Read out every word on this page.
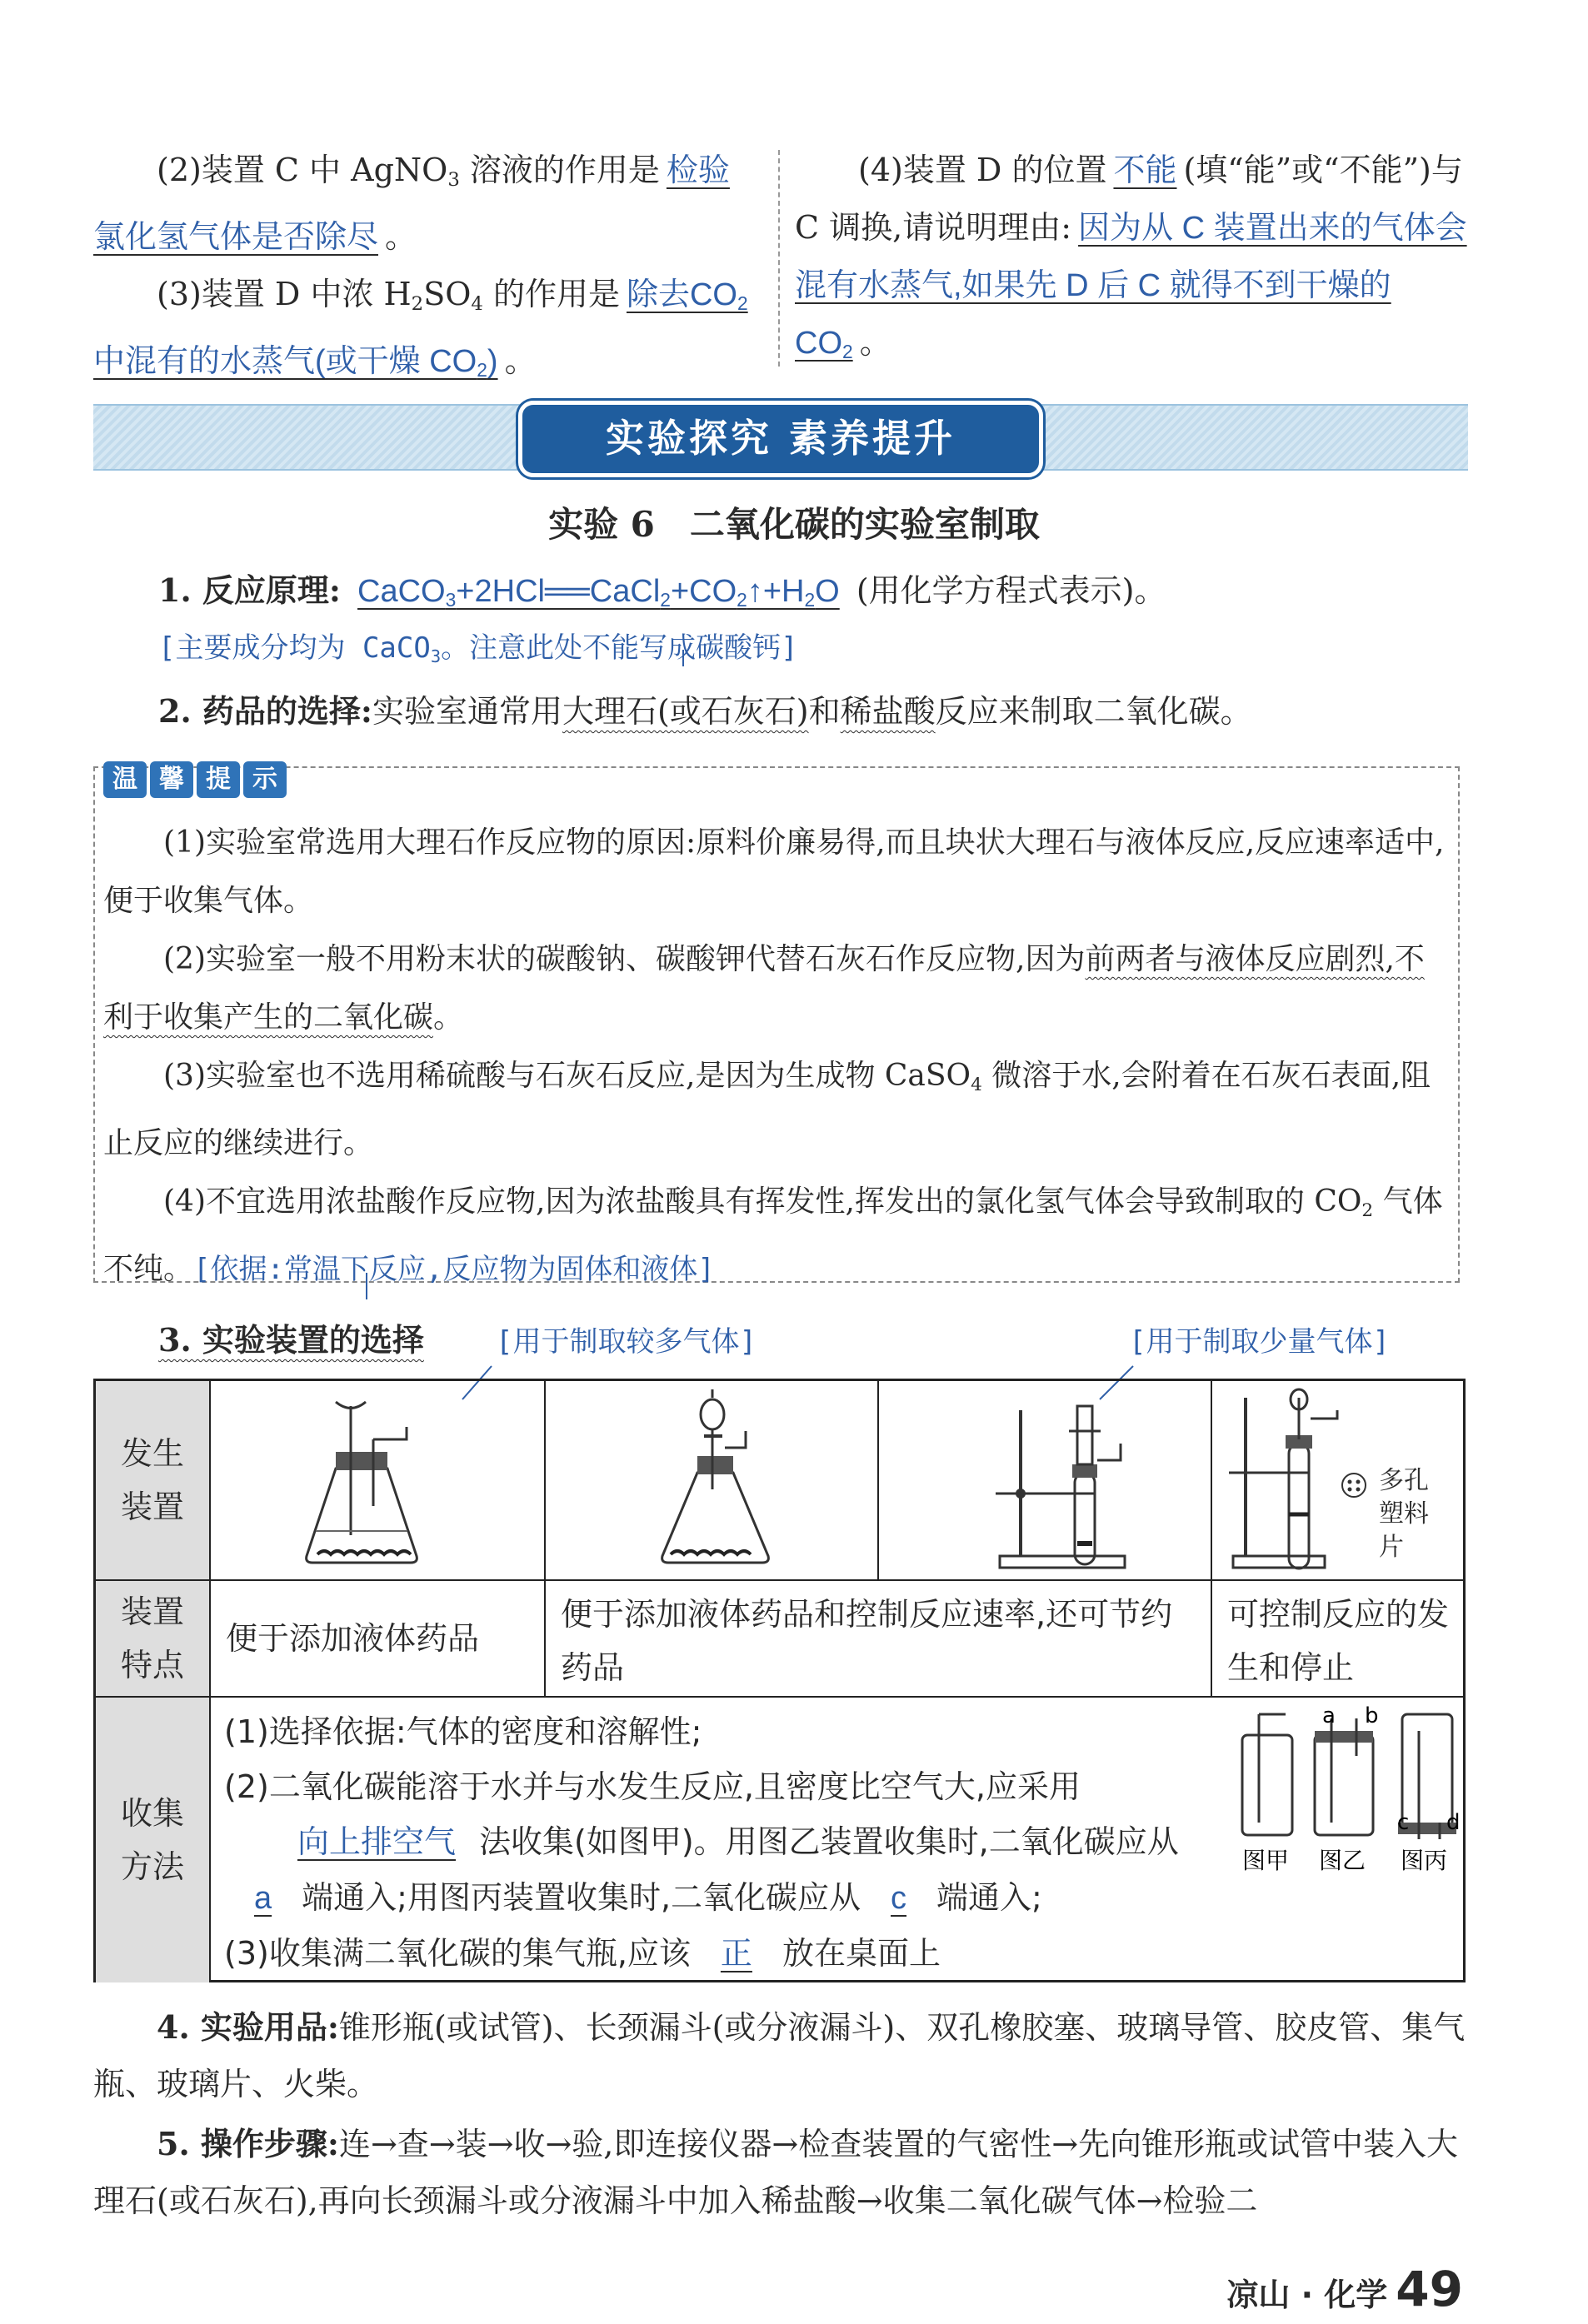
(2)装置 C 中 AgNO$_3$ 溶液的作用是 检验氯化氢气体是否除尽 。
(3)装置 D 中浓 $H_2SO_4$ 的作用是 除去$CO_2$ 中混有的水蒸气(或干燥 $CO_2$) 。
(4)装置 D 的位置 不能 (填“能”或“不能”)与 C 调换,请说明理由: 因为从 C 装置出来的气体会混有水蒸气,如果先 D 后 C 就得不到干燥的 $CO_2$ 。
实验探究 素养提升
实验 6　二氧化碳的实验室制取
1. 反应原理: $CaCO_3+2HCl══CaCl_2+CO_2↑+H_2O$ (用化学方程式表示)。
[主要成分均为 CaCO$_3$。注意此处不能写成碳酸钙]
2. 药品的选择:实验室通常用大理石(或石灰石)和稀盐酸反应来制取二氧化碳。
温 馨 提 示

(1)实验室常选用大理石作反应物的原因:原料价廉易得,而且块状大理石与液体反应,反应速率适中,便于收集气体。

(2)实验室一般不用粉末状的碳酸钠、碳酸钾代替石灰石作反应物,因为前两者与液体反应剧烈,不利于收集产生的二氧化碳。

(3)实验室也不选用稀硫酸与石灰石反应,是因为生成物 CaSO$_4$ 微溶于水,会附着在石灰石表面,阻止反应的继续进行。

(4)不宜选用浓盐酸作反应物,因为浓盐酸具有挥发性,挥发出的氯化氢气体会导致制取的 $CO_2$ 气体不纯。[依据:常温下反应,反应物为固体和液体]

3. 实验装置的选择	[用于制取较多气体]	[用于制取少量气体]
发生装置
多孔塑料片
装置特点
便于添加液体药品
便于添加液体药品和控制反应速率,还可节约药品
可控制反应的发生和停止
收集方法
(1)选择依据:气体的密度和溶解性;
(2)二氧化碳能溶于水并与水发生反应,且密度比空气大,应采用
向上排空气 法收集(如图甲)。用图乙装置收集时,二氧化碳应从a 端通入;用图丙装置收集时,二氧化碳应从 c 端通入;
(3)收集满二氧化碳的集气瓶,应该 正 放在桌面上
a b
c d
图甲 图乙 图丙
4. 实验用品:锥形瓶(或试管)、长颈漏斗(或分液漏斗)、双孔橡胶塞、玻璃导管、胶皮管、集气瓶、玻璃片、火柴。
5. 操作步骤:连→查→装→收→验,即连接仪器→检查装置的气密性→先向锥形瓶或试管中装入大理石(或石灰石),再向长颈漏斗或分液漏斗中加入稀盐酸→收集二氧化碳气体→检验二
凉山 · 化学 49
